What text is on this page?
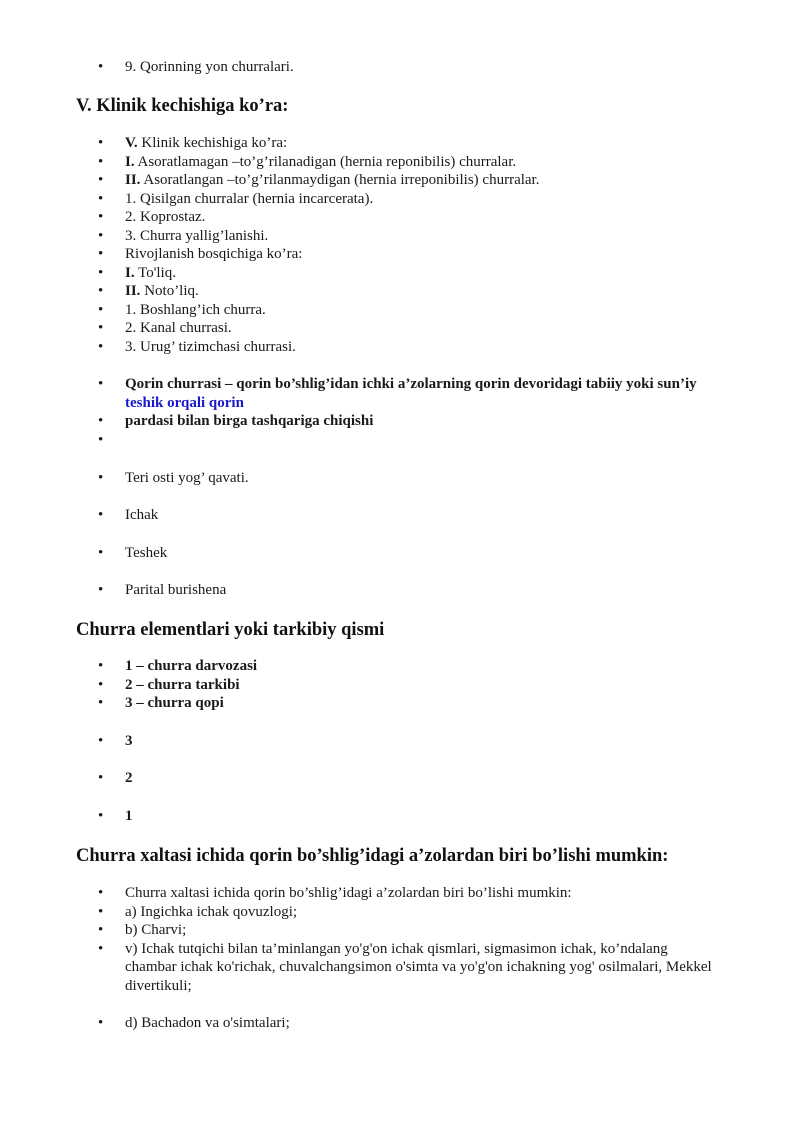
• 9. Qorinning yon churralari.
V. Klinik kechishiga ko’ra:
• V. Klinik kechishiga ko’ra:
• I. Asoratlamagan –to’g’rilanadigan (hernia reponibilis) churralar.
• II. Asoratlangan –to’g’rilanmaydigan (hernia irreponibilis) churralar.
• 1. Qisilgan churralar (hernia incarcerata).
• 2. Koprostaz.
• 3. Churra yallig’lanishi.
• Rivojlanish bosqichiga ko’ra:
• I. To'liq.
• II. Noto’liq.
• 1. Boshlang’ich churra.
• 2. Kanal churrasi.
• 3. Urug’ tizimchasi churrasi.
• Qorin churrasi – qorin bo’shlig’idan ichki a’zolarning qorin devoridagi tabiiy yoki sun’iy teshik orqali qorin
• pardasi bilan birga tashqariga chiqishi
•
• Teri osti yog’ qavati.
• Ichak
• Teshek
• Parital burishena
Churra elementlari yoki tarkibiy qismi
• 1 – churra darvozasi
• 2 – churra tarkibi
• 3 – churra qopi
• 3
• 2
• 1
Churra xaltasi ichida qorin bo’shlig’idagi a’zolardan biri bo’lishi mumkin:
• Churra xaltasi ichida qorin bo’shlig’idagi a’zolardan biri bo’lishi mumkin:
• a) Ingichka ichak qovuzlogi;
• b) Charvi;
• v) Ichak tutqichi bilan ta’minlangan yo'g'on ichak qismlari, sigmasimon ichak, ko’ndalang chambar ichak ko'richak, chuvalchangsimon o'simta va yo'g'on ichakning yog' osilmalari, Mekkel divertikuli;
• d) Bachadon va o'simtalari;
